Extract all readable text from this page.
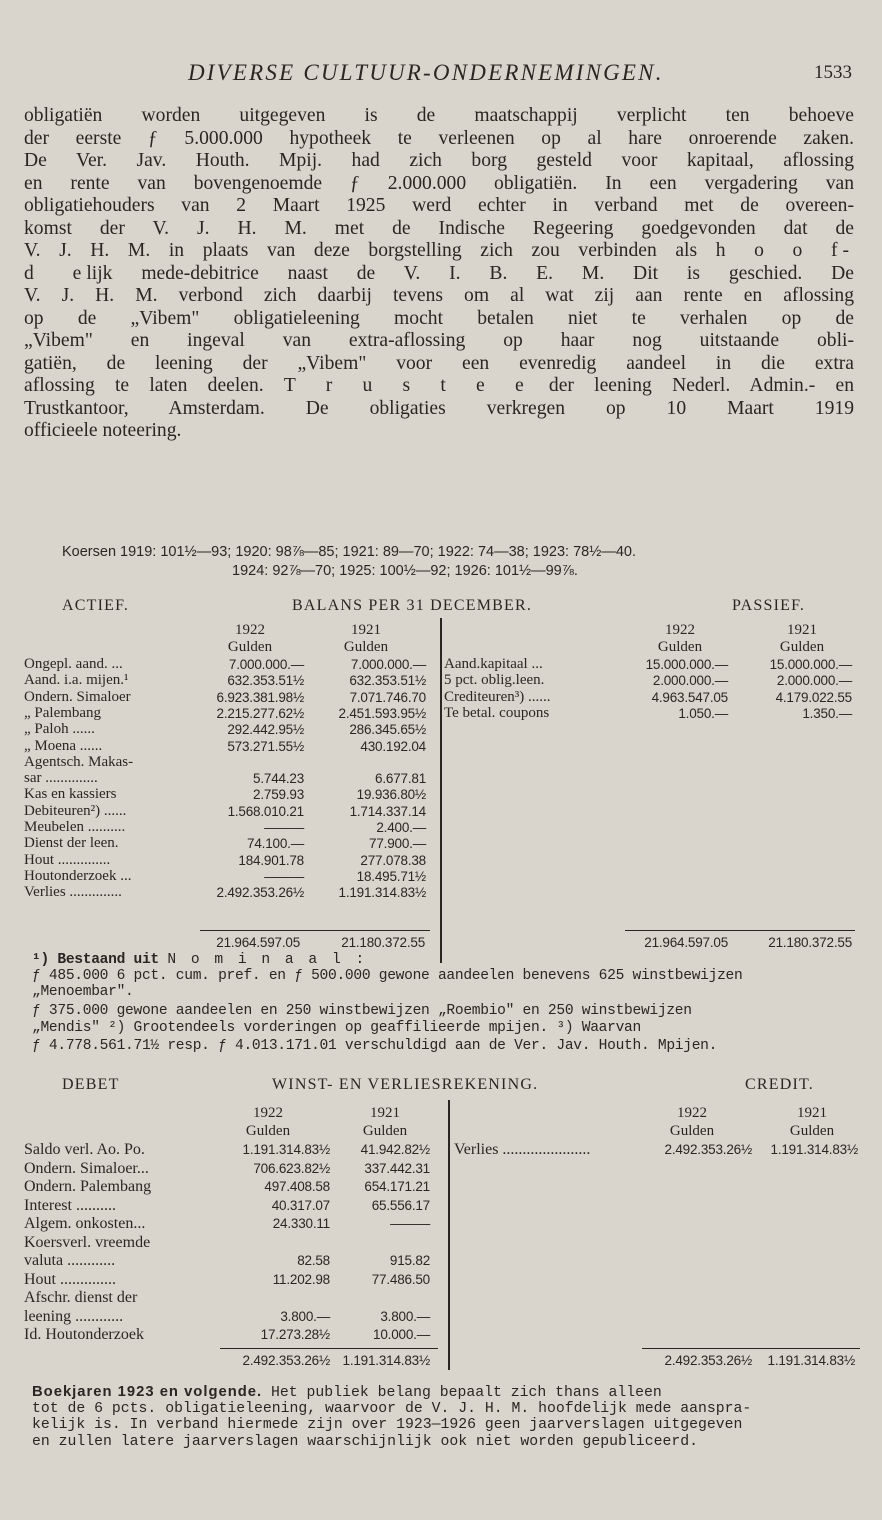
DIVERSE CULTUUR-ONDERNEMINGEN.	1533
obligatiën worden uitgegeven is de maatschappij verplicht ten behoeve
der eerste ƒ 5.000.000 hypotheek te verleenen op al hare onroerende zaken.
De Ver. Jav. Houth. Mpij. had zich borg gesteld voor kapitaal, aflossing
en rente van bovengenoemde ƒ 2.000.000 obligatiën. In een vergadering van
obligatiehouders van 2 Maart 1925 werd echter in verband met de overeen-
komst der V. J. H. M. met de Indische Regeering goedgevonden dat de
V. J. H. M. in plaats van deze borgstelling zich zou verbinden als h o o f-
d elijk mede-debitrice naast de V. I. B. E. M. Dit is geschied. De
V. J. H. M. verbond zich daarbij tevens om al wat zij aan rente en aflossing
op de „Vibem" obligatieleening mocht betalen niet te verhalen op de
„Vibem" en ingeval van extra-aflossing op haar nog uitstaande obli-
gatiën, de leening der „Vibem" voor een evenredig aandeel in die extra
aflossing te laten deelen. T r u s t e e der leening Nederl. Admin.- en
Trustkantoor, Amsterdam. De obligaties verkregen op 10 Maart 1919
officieele noteering.
Koersen 1919: 101½—93; 1920: 98⅞—85; 1921: 89—70; 1922: 74—38; 1923: 78½—40.
1924: 92⅞—70; 1925: 100½—92; 1926: 101½—99⅞.
ACTIEF.	BALANS PER 31 DECEMBER.	PASSIEF.
1922	1921	1922	1921
Gulden	Gulden	Gulden	Gulden
Ongepl. aand. ...	7.000.000.—	7.000.000.—
Aand. i.a. mijen.¹	632.353.51½	632.353.51½
Ondern. Simaloer	6.923.381.98½	7.071.746.70
„ Palembang	2.215.277.62½	2.451.593.95½
„ Paloh ......	292.442.95½	286.345.65½
„ Moena ......	573.271.55½	430.192.04
Agentsch. Makas-
sar ..............	5.744.23	6.677.81
Kas en kassiers	2.759.93	19.936.80½
Debiteuren²) ......	1.568.010.21	1.714.337.14
Meubelen ..........	———	2.400.—
Dienst der leen.	74.100.—	77.900.—
Hout ..............	184.901.78	277.078.38
Houtonderzoek ...	———	18.495.71½
Verlies ..............	2.492.353.26½	1.191.314.83½
Aand.kapitaal ...	15.000.000.—	15.000.000.—
5 pct. oblig.leen.	2.000.000.—	2.000.000.—
Crediteuren³) ......	4.963.547.05	4.179.022.55
Te betal. coupons	1.050.—	1.350.—
21.964.597.05	21.180.372.55	21.964.597.05	21.180.372.55
¹) Bestaand uit N o m i n a a l :
ƒ 485.000 6 pct. cum. pref. en ƒ 500.000 gewone aandeelen benevens 625 winstbewijzen
„Menoembar".
ƒ 375.000 gewone aandeelen en 250 winstbewijzen „Roembio" en 250 winstbewijzen
„Mendis" ²) Grootendeels vorderingen op geaffilieerde mpijen. ³) Waarvan
ƒ 4.778.561.71½ resp. ƒ 4.013.171.01 verschuldigd aan de Ver. Jav. Houth. Mpijen.
DEBET	WINST- EN VERLIESREKENING.	CREDIT.
1922	1921	1922	1921
Gulden	Gulden	Gulden	Gulden
Saldo verl. Ao. Po.	1.191.314.83½	41.942.82½
Ondern. Simaloer...	706.623.82½	337.442.31
Ondern. Palembang	497.408.58	654.171.21
Interest ..........	40.317.07	65.556.17
Algem. onkosten...	24.330.11	———
Koersverl. vreemde
valuta ............	82.58	915.82
Hout ..............	11.202.98	77.486.50
Afschr. dienst der
leening ............	3.800.—	3.800.—
Id. Houtonderzoek	17.273.28½	10.000.—
Verlies ......................	2.492.353.26½	1.191.314.83½
2.492.353.26½ 1.191.314.83½	2.492.353.26½	1.191.314.83½
Boekjaren 1923 en volgende. Het publiek belang bepaalt zich thans alleen
tot de 6 pcts. obligatieleening, waarvoor de V. J. H. M. hoofdelijk mede aanspra-
kelijk is. In verband hiermede zijn over 1923—1926 geen jaarverslagen uitgegeven
en zullen latere jaarverslagen waarschijnlijk ook niet worden gepubliceerd.
